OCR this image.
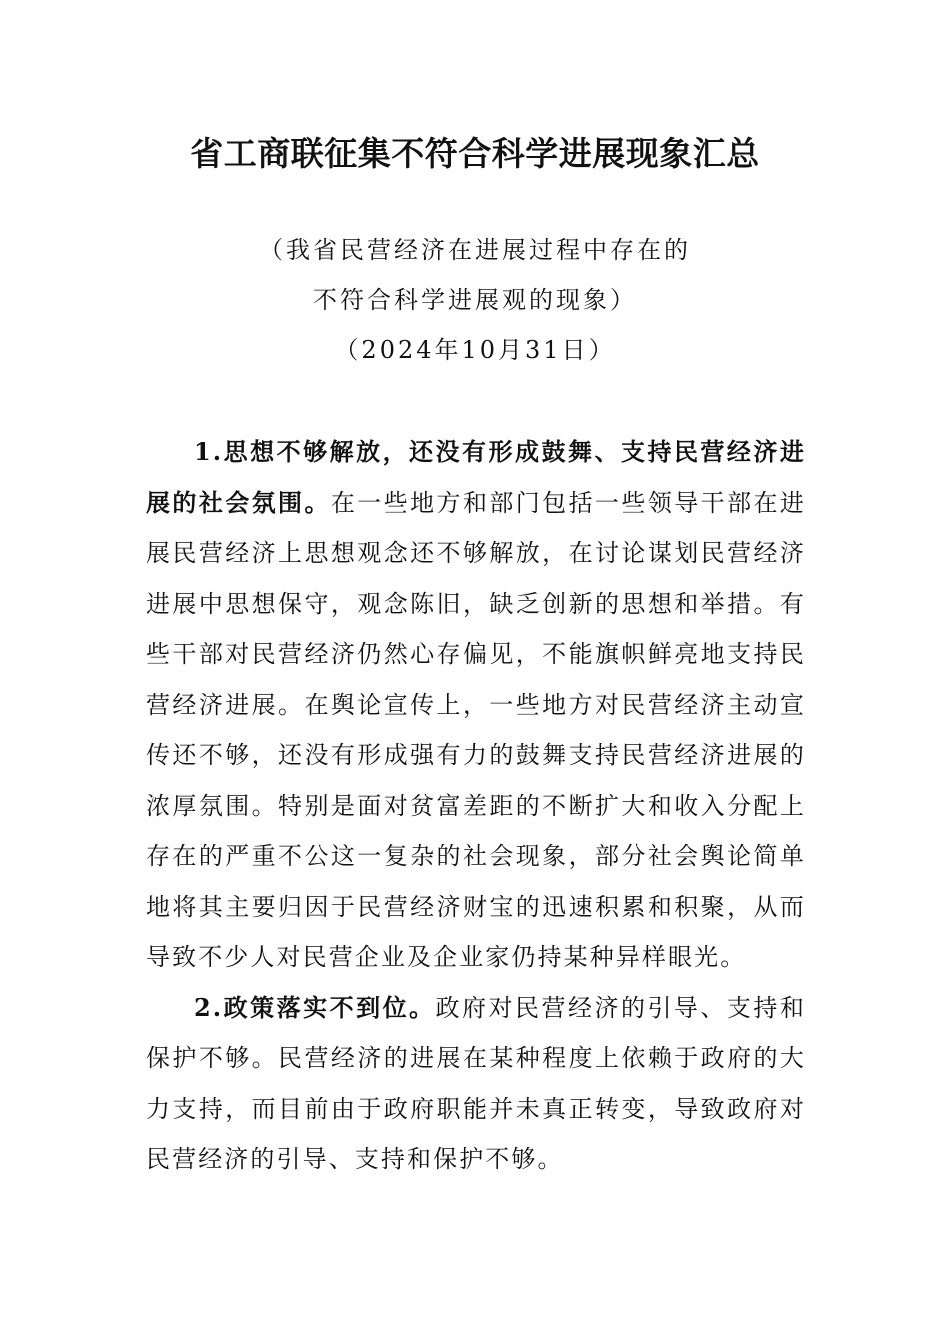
省工商联征集不符合科学进展现象汇总
（我省民营经济在进展过程中存在的
不符合科学进展观的现象）
（2024年10月31日）

1.思想不够解放，还没有形成鼓舞、支持民营经济进展的社会氛围。在一些地方和部门包括一些领导干部在进展民营经济上思想观念还不够解放，在讨论谋划民营经济进展中思想保守，观念陈旧，缺乏创新的思想和举措。有些干部对民营经济仍然心存偏见，不能旗帜鲜亮地支持民营经济进展。在舆论宣传上，一些地方对民营经济主动宣传还不够，还没有形成强有力的鼓舞支持民营经济进展的浓厚氛围。特别是面对贫富差距的不断扩大和收入分配上存在的严重不公这一复杂的社会现象，部分社会舆论简单地将其主要归因于民营经济财宝的迅速积累和积聚，从而导致不少人对民营企业及企业家仍持某种异样眼光。

2.政策落实不到位。政府对民营经济的引导、支持和保护不够。民营经济的进展在某种程度上依赖于政府的大力支持，而目前由于政府职能并未真正转变，导致政府对民营经济的引导、支持和保护不够。
